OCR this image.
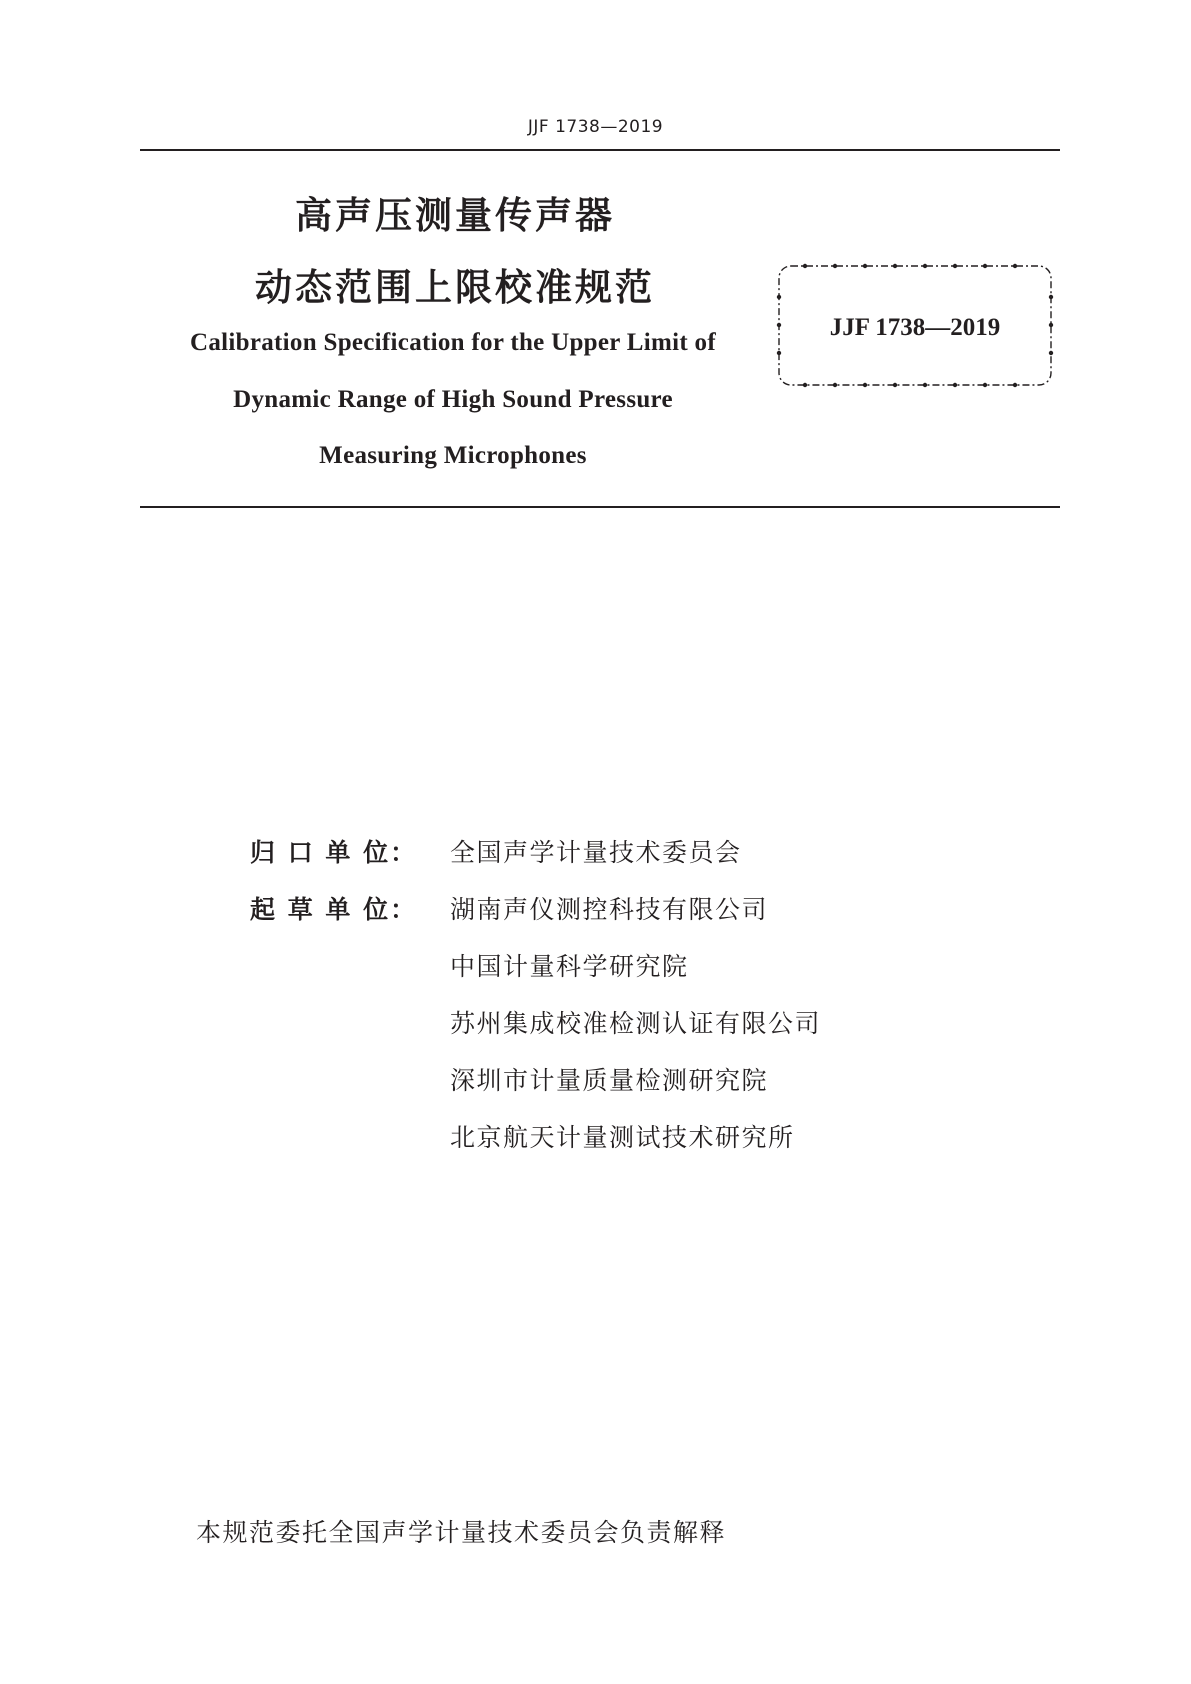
JJF 1738—2019
高声压测量传声器
动态范围上限校准规范
Calibration Specification for the Upper Limit of
Dynamic Range of High Sound Pressure
Measuring Microphones
JJF 1738—2019
归 口 单 位：	全国声学计量技术委员会
起 草 单 位：	湖南声仪测控科技有限公司
中国计量科学研究院
苏州集成校准检测认证有限公司
深圳市计量质量检测研究院
北京航天计量测试技术研究所
本规范委托全国声学计量技术委员会负责解释
